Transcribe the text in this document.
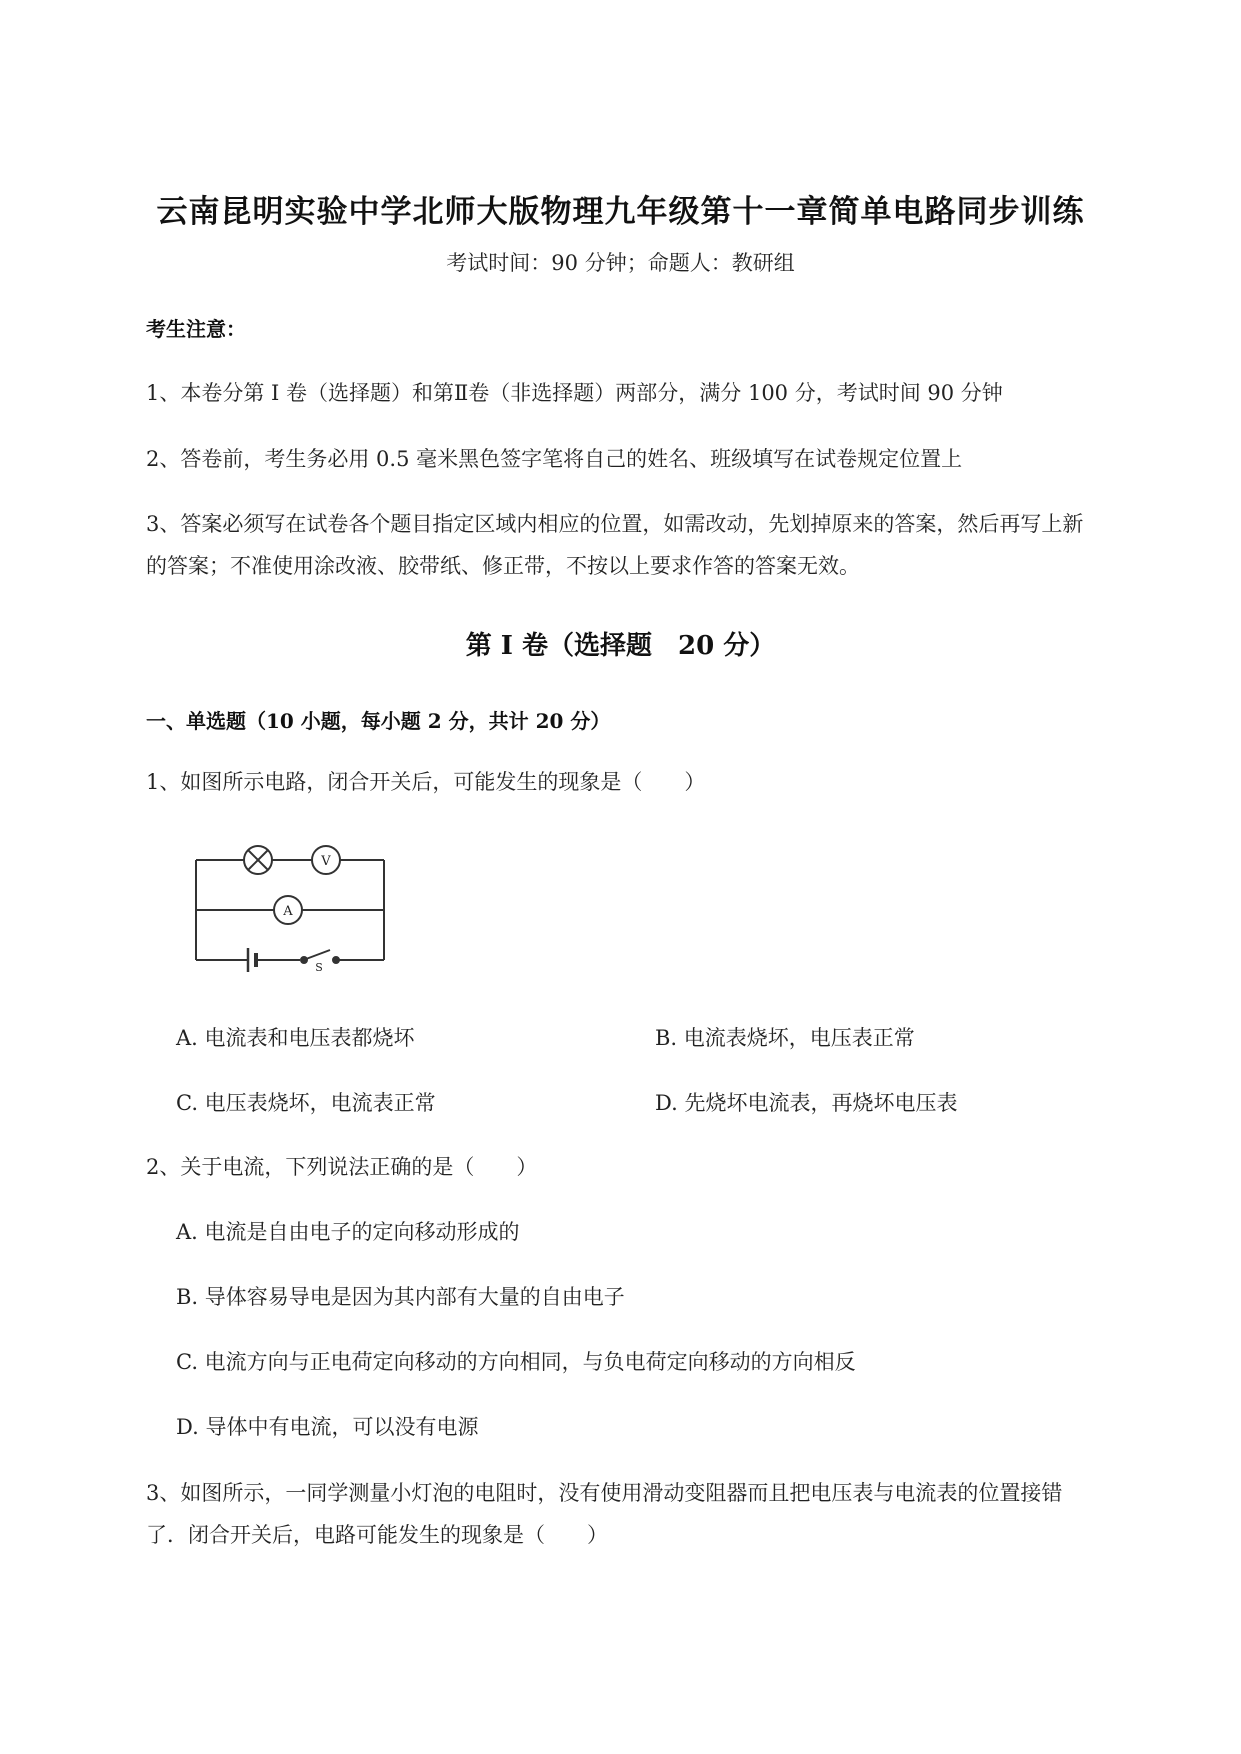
云南昆明实验中学北师大版物理九年级第十一章简单电路同步训练
考试时间：90 分钟；命题人：教研组
考生注意：
1、本卷分第 I 卷（选择题）和第Ⅱ卷（非选择题）两部分，满分 100 分，考试时间 90 分钟
2、答卷前，考生务必用 0.5 毫米黑色签字笔将自己的姓名、班级填写在试卷规定位置上
3、答案必须写在试卷各个题目指定区域内相应的位置，如需改动，先划掉原来的答案，然后再写上新
的答案；不准使用涂改液、胶带纸、修正带，不按以上要求作答的答案无效。
第 I 卷（选择题　20 分）
一、单选题（10 小题，每小题 2 分，共计 20 分）
1、如图所示电路，闭合开关后，可能发生的现象是（　　）
V
A
S
A. 电流表和电压表都烧坏	B. 电流表烧坏，电压表正常
C. 电压表烧坏，电流表正常	D. 先烧坏电流表，再烧坏电压表
2、关于电流，下列说法正确的是（　　）
A. 电流是自由电子的定向移动形成的
B. 导体容易导电是因为其内部有大量的自由电子
C. 电流方向与正电荷定向移动的方向相同，与负电荷定向移动的方向相反
D. 导体中有电流，可以没有电源
3、如图所示，一同学测量小灯泡的电阻时，没有使用滑动变阻器而且把电压表与电流表的位置接错
了．闭合开关后，电路可能发生的现象是（　　）
